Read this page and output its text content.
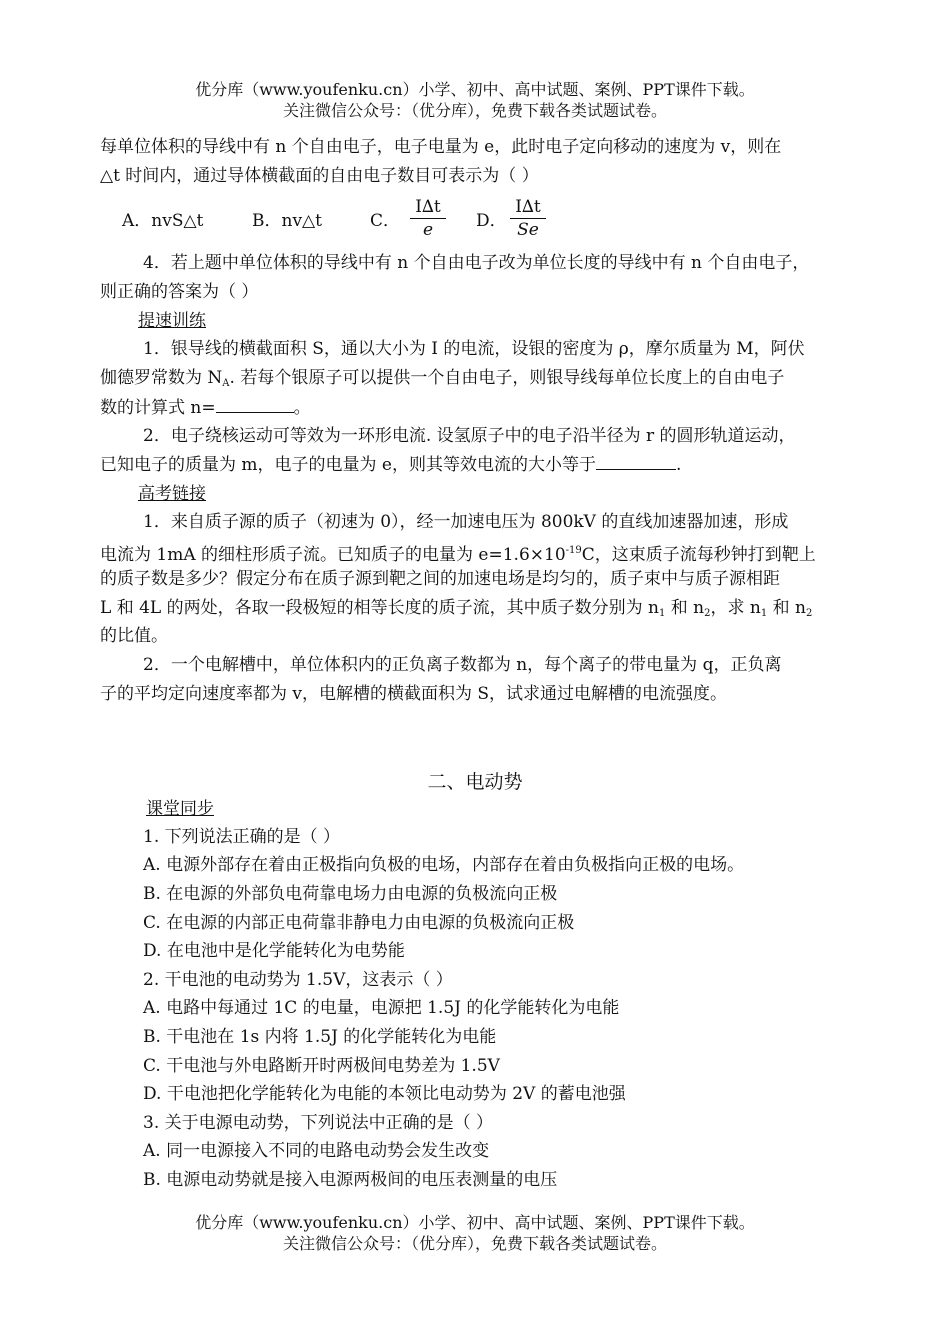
优分库（www.youfenku.cn）小学、初中、高中试题、案例、PPT课件下载。
关注微信公众号：（优分库），免费下载各类试题试卷。
每单位体积的导线中有 n 个自由电子，电子电量为 e，此时电子定向移动的速度为 v，则在
△t 时间内，通过导体横截面的自由电子数目可表示为（ ）
A．nvS△t	B．nv△t	C．
I∆t
e	D．
I∆t
Se
4．若上题中单位体积的导线中有 n 个自由电子改为单位长度的导线中有 n 个自由电子，
则正确的答案为（ ）
提速训练
1．银导线的横截面积 S，通以大小为 I 的电流，设银的密度为 ρ，摩尔质量为 M，阿伏
伽德罗常数为 $N_A$. 若每个银原子可以提供一个自由电子，则银导线每单位长度上的自由电子
数的计算式 n=	。
2．电子绕核运动可等效为一环形电流. 设氢原子中的电子沿半径为 r 的圆形轨道运动，
已知电子的质量为 m，电子的电量为 e，则其等效电流的大小等于	.
高考链接
1．来自质子源的质子（初速为 0），经一加速电压为 800kV 的直线加速器加速，形成
电流为 1mA 的细柱形质子流。已知质子的电量为 $e=1.6\times 10^{-19}C$，这束质子流每秒钟打到靶上
的质子数是多少？假定分布在质子源到靶之间的加速电场是均匀的，质子束中与质子源相距
L 和 4L 的两处，各取一段极短的相等长度的质子流，其中质子数分别为 $n_1$ 和 $n_2$，求 $n_1$ 和 $n_2$
的比值。
2．一个电解槽中，单位体积内的正负离子数都为 n，每个离子的带电量为 q，正负离
子的平均定向速度率都为 v，电解槽的横截面积为 S，试求通过电解槽的电流强度。
二、电动势
课堂同步
1. 下列说法正确的是（ ）
A. 电源外部存在着由正极指向负极的电场，内部存在着由负极指向正极的电场。
B. 在电源的外部负电荷靠电场力由电源的负极流向正极
C. 在电源的内部正电荷靠非静电力由电源的负极流向正极
D. 在电池中是化学能转化为电势能
2. 干电池的电动势为 1.5V，这表示（ ）
A. 电路中每通过 1C 的电量，电源把 1.5J 的化学能转化为电能
B. 干电池在 1s 内将 1.5J 的化学能转化为电能
C. 干电池与外电路断开时两极间电势差为 1.5V
D. 干电池把化学能转化为电能的本领比电动势为 2V 的蓄电池强
3. 关于电源电动势，下列说法中正确的是（ ）
A. 同一电源接入不同的电路电动势会发生改变
B. 电源电动势就是接入电源两极间的电压表测量的电压
优分库（www.youfenku.cn）小学、初中、高中试题、案例、PPT课件下载。
关注微信公众号：（优分库），免费下载各类试题试卷。
